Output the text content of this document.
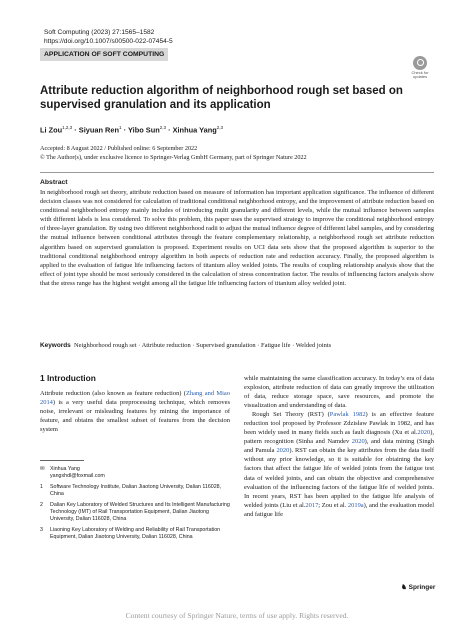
Soft Computing (2023) 27:1565–1582
https://doi.org/10.1007/s00500-022-07454-5
APPLICATION OF SOFT COMPUTING
Check for
updates
Attribute reduction algorithm of neighborhood rough set based on supervised granulation and its application
Li Zou$^{1,2,3}$ · Siyuan Ren$^1$ · Yibo Sun$^{2,3}$ · Xinhua Yang$^{2,3}$
Accepted: 8 August 2022 / Published online: 6 September 2022
© The Author(s), under exclusive licence to Springer-Verlag GmbH Germany, part of Springer Nature 2022
Abstract

In neighborhood rough set theory, attribute reduction based on measure of information has important application significance. The influence of different decision classes was not considered for calculation of traditional conditional neighborhood entropy, and the improvement of attribute reduction based on conditional neighborhood entropy mainly includes of introducing multi granularity and different levels, while the mutual influence between samples with different labels is less considered. To solve this problem, this paper uses the supervised strategy to improve the conditional neighborhood entropy of three-layer granulation. By using two different neighborhood radii to adjust the mutual influence degree of different label samples, and by considering the mutual influence between conditional attributes through the feature complementary relationship, a neighborhood rough set attribute reduction algorithm based on supervised granulation is proposed. Experiment results on UCI data sets show that the proposed algorithm is superior to the traditional conditional neighborhood entropy algorithm in both aspects of reduction rate and reduction accuracy. Finally, the proposed algorithm is applied to the evaluation of fatigue life influencing factors of titanium alloy welded joints. The results of coupling relationship analysis show that the effect of joint type should be most seriously considered in the calculation of stress concentration factor. The results of influencing factors analysis show that the stress range has the highest weight among all the fatigue life influencing factors of titanium alloy welded joint.

Keywords Neighborhood rough set · Attribute reduction · Supervised granulation · Fatigue life · Welded joints
1 Introduction

Attribute reduction (also known as feature reduction) (Zhang and Miao 2014) is a very useful data preprocessing technique, which removes noise, irrelevant or misleading features by mining the importance of feature, and obtains the smallest subset of features from the decision system

while maintaining the same classification accuracy. In today’s era of data explosion, attribute reduction of data can greatly improve the utilization of data, reduce storage space, save resources, and promote the visualization and understanding of data.

Rough Set Theory (RST) (Pawlak 1982) is an effective feature reduction tool proposed by Professor Zdzisław Pawlak in 1982, and has been widely used in many fields such as fault diagnosis (Xu et al.2020), pattern recognition (Sinha and Namdev 2020), and data mining (Singh and Pamula 2020). RST can obtain the key attributes from the data itself without any prior knowledge, so it is suitable for obtaining the key factors that affect the fatigue life of welded joints from the fatigue test data of welded joints, and can obtain the objective and comprehensive evaluation of the influencing factors of the fatigue life of welded joints. In recent years, RST has been applied to the fatigue life analysis of welded joints (Liu et al.2017; Zou et al. 2019a), and the evaluation model and fatigue life

✉	Xinhua Yang
yangxhdl@foxmail.com
1	Software Technology Institute, Dalian Jiaotong University, Dalian 116028, China
2	Dalian Key Laboratory of Welded Structures and Its Intelligent Manufacturing Technology (IMT) of Rail Transportation Equipment, Dalian Jiaotong University, Dalian 116028, China
3	Liaoning Key Laboratory of Welding and Reliability of Rail Transportation Equipment, Dalian Jiaotong University, Dalian 116028, China
♞ Springer
Content courtesy of Springer Nature, terms of use apply. Rights reserved.
